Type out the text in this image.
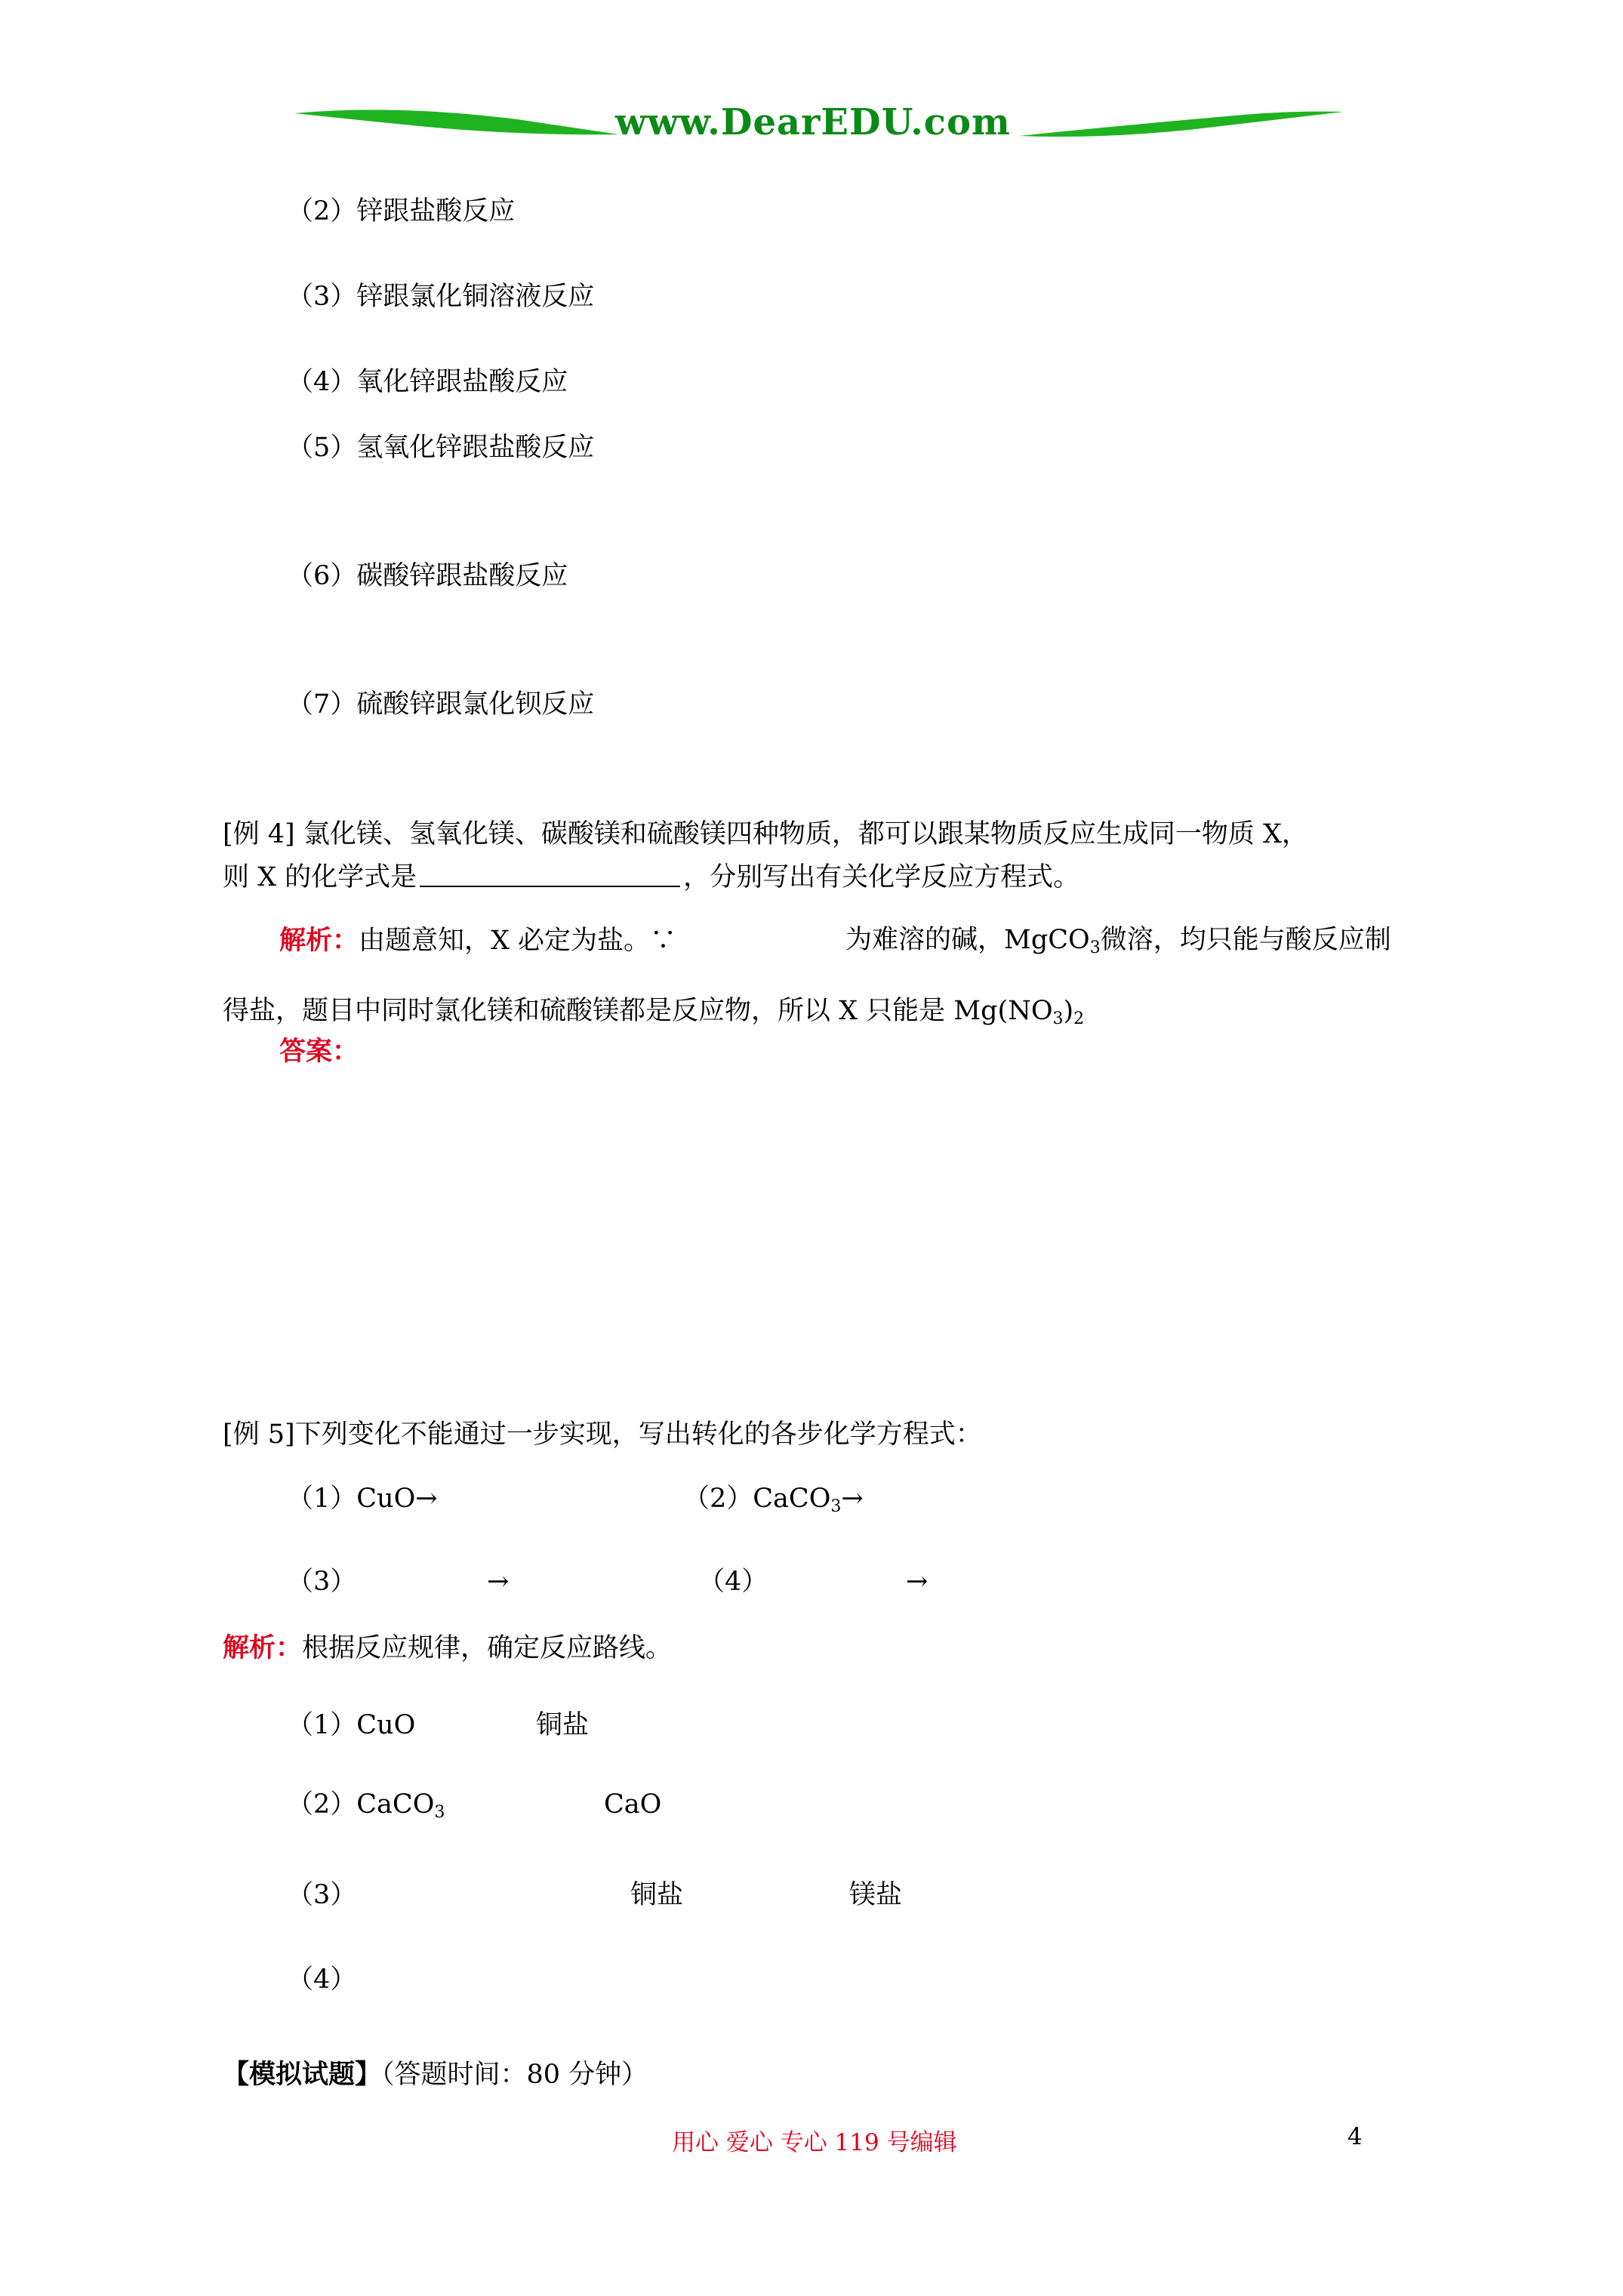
www.DearEDU.com
（2）锌跟盐酸反应
（3）锌跟氯化铜溶液反应
（4）氧化锌跟盐酸反应
（5）氢氧化锌跟盐酸反应
（6）碳酸锌跟盐酸反应
（7）硫酸锌跟氯化钡反应
[例 4] 氯化镁、氢氧化镁、碳酸镁和硫酸镁四种物质，都可以跟某物质反应生成同一物质 X，
则 X 的化学式是	，分别写出有关化学反应方程式。
解析：由题意知，X 必定为盐。∵	为难溶的碱，MgCO$_3$微溶，均只能与酸反应制
得盐，题目中同时氯化镁和硫酸镁都是反应物，所以 X 只能是 $Mg(NO_3)_2$
答案：
[例 5]下列变化不能通过一步实现，写出转化的各步化学方程式：
（1）CuO→	（2）CaCO$_3$→
（3）	→	（4）	→
解析：根据反应规律，确定反应路线。
（1）CuO	铜盐
（2）CaCO$_3$	CaO
（3）	铜盐	镁盐
（4）
【模拟试题】（答题时间：80 分钟）
用心 爱心 专心 119 号编辑	4
